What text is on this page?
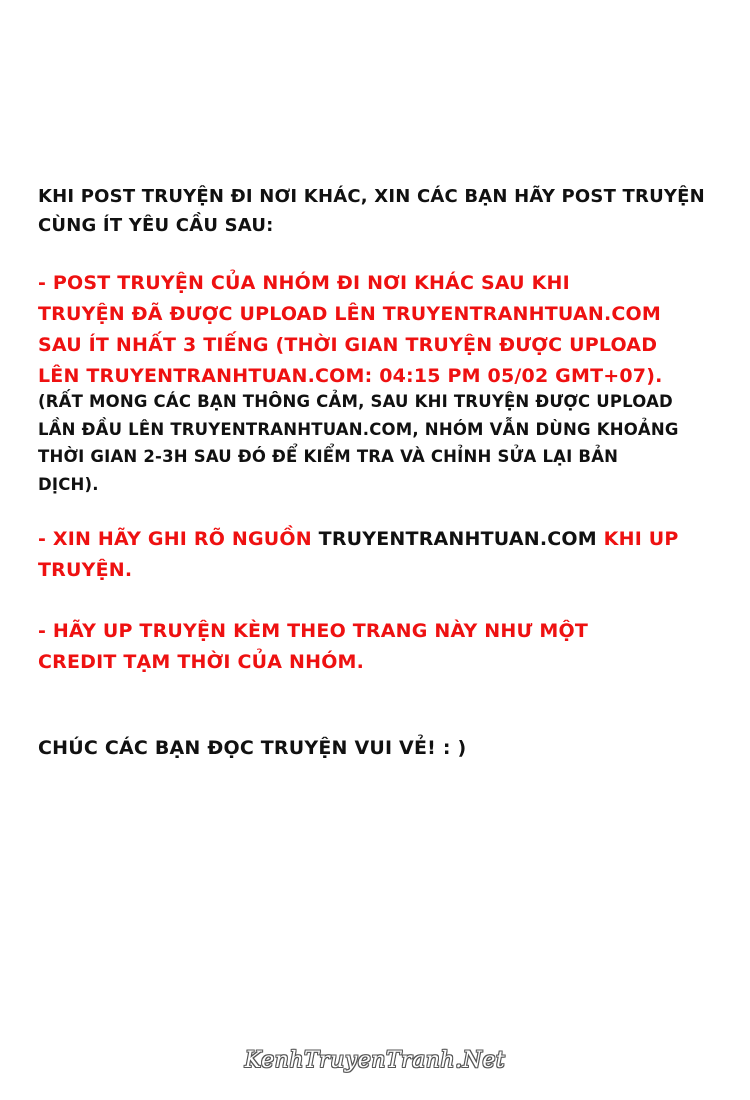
KHI POST TRUYỆN ĐI NƠI KHÁC, XIN CÁC BẠN HÃY POST TRUYỆN
CÙNG ÍT YÊU CẦU SAU:
- POST TRUYỆN CỦA NHÓM ĐI NƠI KHÁC SAU KHI
TRUYỆN ĐÃ ĐƯỢC UPLOAD LÊN TRUYENTRANHTUAN.COM
SAU ÍT NHẤT 3 TIẾNG (THỜI GIAN TRUYỆN ĐƯỢC UPLOAD
LÊN TRUYENTRANHTUAN.COM: 04:15 PM 05/02 GMT+07).
(RẤT MONG CÁC BẠN THÔNG CẢM, SAU KHI TRUYỆN ĐƯỢC UPLOAD
LẦN ĐẦU LÊN TRUYENTRANHTUAN.COM, NHÓM VẪN DÙNG KHOẢNG
THỜI GIAN 2-3H SAU ĐÓ ĐỂ KIỂM TRA VÀ CHỈNH SỬA LẠI BẢN
DỊCH).
- XIN HÃY GHI RÕ NGUỒN TRUYENTRANHTUAN.COM KHI UP
TRUYỆN.
- HÃY UP TRUYỆN KÈM THEO TRANG NÀY NHƯ MỘT
CREDIT TẠM THỜI CỦA NHÓM.
CHÚC CÁC BẠN ĐỌC TRUYỆN VUI VẺ! : )
KenhTruyenTranh.Net
